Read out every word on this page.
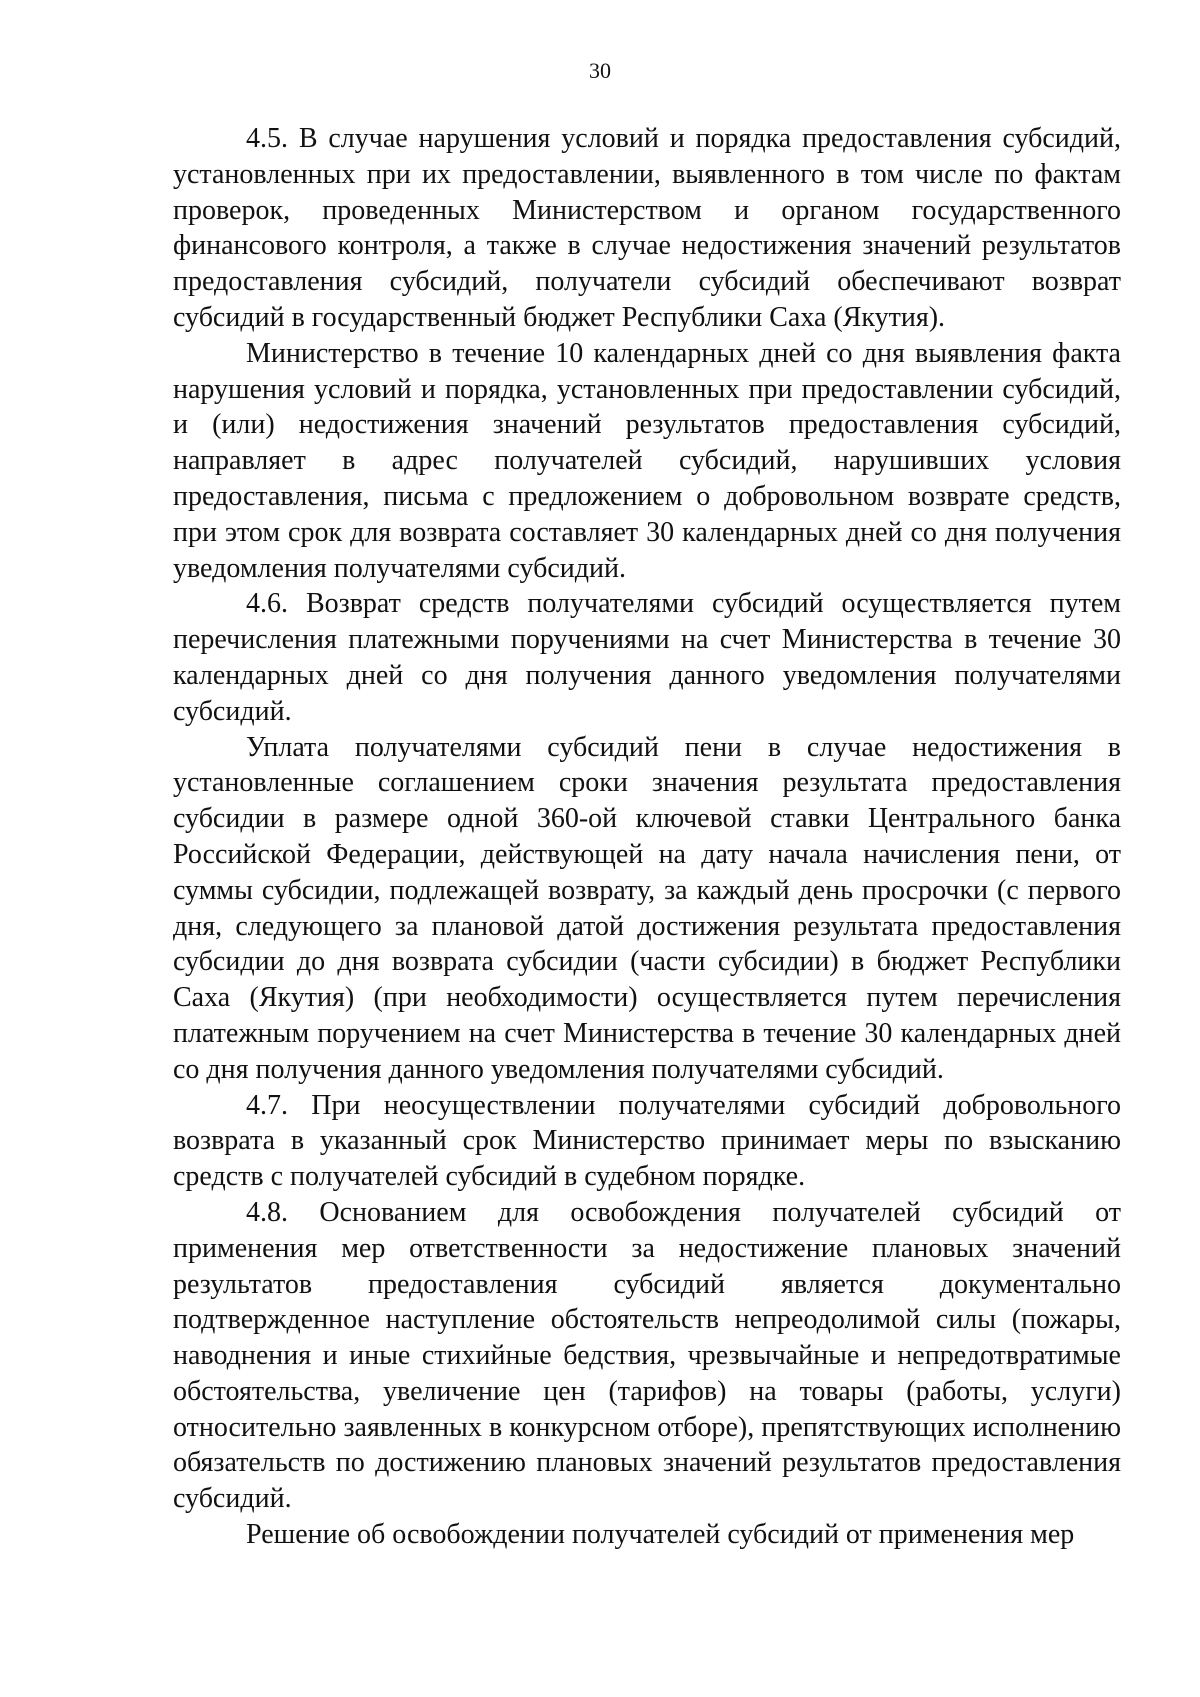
30

4.5. В случае нарушения условий и порядка предоставления субсидий, установленных при их предоставлении, выявленного в том числе по фактам проверок, проведенных Министерством и органом государственного финансового контроля, а также в случае недостижения значений результатов предоставления субсидий, получатели субсидий обеспечивают возврат субсидий в государственный бюджет Республики Саха (Якутия).

Министерство в течение 10 календарных дней со дня выявления факта нарушения условий и порядка, установленных при предоставлении субсидий, и (или) недостижения значений результатов предоставления субсидий, направляет в адрес получателей субсидий, нарушивших условия предоставления, письма с предложением о добровольном возврате средств, при этом срок для возврата составляет 30 календарных дней со дня получения уведомления получателями субсидий.

4.6. Возврат средств получателями субсидий осуществляется путем перечисления платежными поручениями на счет Министерства в течение 30 календарных дней со дня получения данного уведомления получателями субсидий.

Уплата получателями субсидий пени в случае недостижения в установленные соглашением сроки значения результата предоставления субсидии в размере одной 360-ой ключевой ставки Центрального банка Российской Федерации, действующей на дату начала начисления пени, от суммы субсидии, подлежащей возврату, за каждый день просрочки (с первого дня, следующего за плановой датой достижения результата предоставления субсидии до дня возврата субсидии (части субсидии) в бюджет Республики Саха (Якутия) (при необходимости) осуществляется путем перечисления платежным поручением на счет Министерства в течение 30 календарных дней со дня получения данного уведомления получателями субсидий.

4.7. При неосуществлении получателями субсидий добровольного возврата в указанный срок Министерство принимает меры по взысканию средств с получателей субсидий в судебном порядке.

4.8. Основанием для освобождения получателей субсидий от применения мер ответственности за недостижение плановых значений результатов предоставления субсидий является документально подтвержденное наступление обстоятельств непреодолимой силы (пожары, наводнения и иные стихийные бедствия, чрезвычайные и непредотвратимые обстоятельства, увеличение цен (тарифов) на товары (работы, услуги) относительно заявленных в конкурсном отборе), препятствующих исполнению обязательств по достижению плановых значений результатов предоставления субсидий.

Решение об освобождении получателей субсидий от применения мер
